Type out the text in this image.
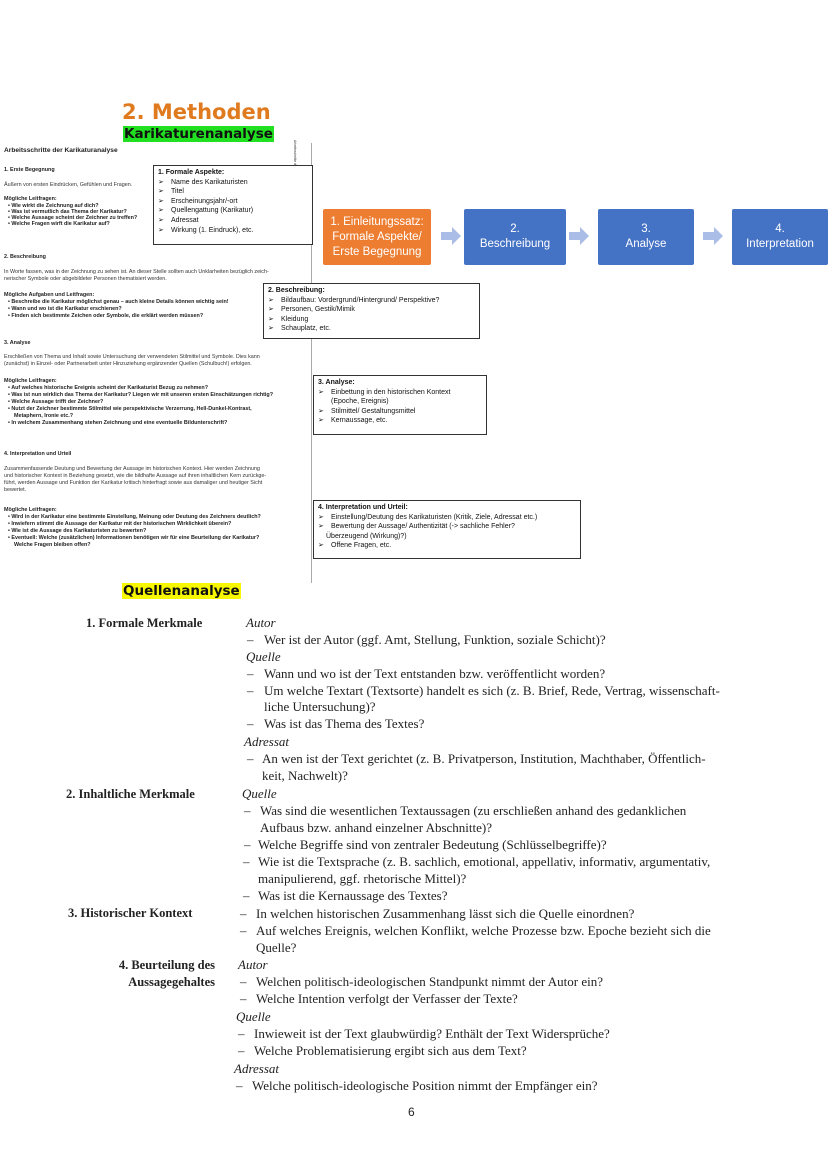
2. Methoden
Karikaturenanalyse
Arbeitsschritte der Karikaturanalyse
1. Erste Begegnung
Äußern von ersten Eindrücken, Gefühlen und Fragen.
Mögliche Leitfragen:
• Wie wirkt die Zeichnung auf dich?
• Was ist vermutlich das Thema der Karikatur?
• Welche Aussage scheint der Zeichner zu treffen?
• Welche Fragen wirft die Karikatur auf?
2. Beschreibung
In Worte fassen, was in der Zeichnung zu sehen ist. An dieser Stelle sollten auch Unklarheiten bezüglich zeich-
nerischer Symbole oder abgebildeter Personen thematisiert werden.
Mögliche Aufgaben und Leitfragen:
• Beschreibe die Karikatur möglichst genau – auch kleine Details können wichtig sein!
• Wann und wo ist die Karikatur erschienen?
• Finden sich bestimmte Zeichen oder Symbole, die erklärt werden müssen?
3. Analyse
Erschließen von Thema und Inhalt sowie Untersuchung der verwendeten Stilmittel und Symbole. Dies kann
(zunächst) in Einzel- oder Partnerarbeit unter Hinzuziehung ergänzender Quellen (Schulbuch!) erfolgen.
Mögliche Leitfragen:
• Auf welches historische Ereignis scheint der Karikaturist Bezug zu nehmen?
• Was ist nun wirklich das Thema der Karikatur? Liegen wir mit unseren ersten Einschätzungen richtig?
• Welche Aussage trifft der Zeichner?
• Nutzt der Zeichner bestimmte Stilmittel wie perspektivische Verzerrung, Hell-Dunkel-Kontrast,
Metaphern, Ironie etc.?
• In welchem Zusammenhang stehen Zeichnung und eine eventuelle Bildunterschrift?
4. Interpretation und Urteil
Zusammenfassende Deutung und Bewertung der Aussage im historischen Kontext. Hier werden Zeichnung
und historischer Kontext in Beziehung gesetzt, wie die bildhafte Aussage auf ihren inhaltlichen Kern zurückge-
führt, werden Aussage und Funktion der Karikatur kritisch hinterfragt sowie aus damaliger und heutiger Sicht
bewertet.
Mögliche Leitfragen:
• Wird in der Karikatur eine bestimmte Einstellung, Meinung oder Deutung des Zeichners deutlich?
• Inwiefern stimmt die Aussage der Karikatur mit der historischen Wirklichkeit überein?
• Wie ist die Aussage des Karikaturisten zu bewerten?
• Eventuell: Welche (zusätzlichen) Informationen benötigen wir für eine Beurteilung der Karikatur?
Welche Fragen bleiben offen?
1. Formale Aspekte:
➢ Name des Karikaturisten
➢ Titel
➢ Erscheinungsjahr/-ort
➢ Quellengattung (Karikatur)
➢ Adressat
➢ Wirkung (1. Eindruck), etc.
2. Beschreibung:
➢ Bildaufbau: Vordergrund/Hintergrund/ Perspektive?
➢ Personen, Gestik/Mimik
➢ Kleidung
➢ Schauplatz, etc.
3. Analyse:
➢ Einbettung in den historischen Kontext
(Epoche, Ereignis)
➢ Stilmittel/ Gestaltungsmittel
➢ Kernaussage, etc.
4. Interpretation und Urteil:
➢ Einstellung/Deutung des Karikaturisten (Kritik, Ziele, Adressat etc.)
➢ Bewertung der Aussage/ Authentizität (-> sachliche Fehler?
Überzeugend (Wirkung)?)
➢ Offene Fragen, etc.
1. Einleitungssatz:
Formale Aspekte/
Erste Begegnung
2.
Beschreibung
3.
Analyse
4.
Interpretation
Quellenanalyse
1. Formale Merkmale	Autor
– Wer ist der Autor (ggf. Amt, Stellung, Funktion, soziale Schicht)?
Quelle
– Wann und wo ist der Text entstanden bzw. veröffentlicht worden?
– Um welche Textart (Textsorte) handelt es sich (z. B. Brief, Rede, Vertrag, wissenschaft-
liche Untersuchung)?
– Was ist das Thema des Textes?
Adressat
– An wen ist der Text gerichtet (z. B. Privatperson, Institution, Machthaber, Öffentlich-
keit, Nachwelt)?
2. Inhaltliche Merkmale	Quelle
– Was sind die wesentlichen Textaussagen (zu erschließen anhand des gedanklichen
Aufbaus bzw. anhand einzelner Abschnitte)?
– Welche Begriffe sind von zentraler Bedeutung (Schlüsselbegriffe)?
– Wie ist die Textsprache (z. B. sachlich, emotional, appellativ, informativ, argumentativ,
manipulierend, ggf. rhetorische Mittel)?
– Was ist die Kernaussage des Textes?
3. Historischer Kontext	– In welchen historischen Zusammenhang lässt sich die Quelle einordnen?
– Auf welches Ereignis, welchen Konflikt, welche Prozesse bzw. Epoche bezieht sich die
Quelle?
4. Beurteilung des
Aussagegehaltes
Autor
– Welchen politisch-ideologischen Standpunkt nimmt der Autor ein?
– Welche Intention verfolgt der Verfasser der Texte?
Quelle
– Inwieweit ist der Text glaubwürdig? Enthält der Text Widersprüche?
– Welche Problematisierung ergibt sich aus dem Text?
Adressat
– Welche politisch-ideologische Position nimmt der Empfänger ein?
6
